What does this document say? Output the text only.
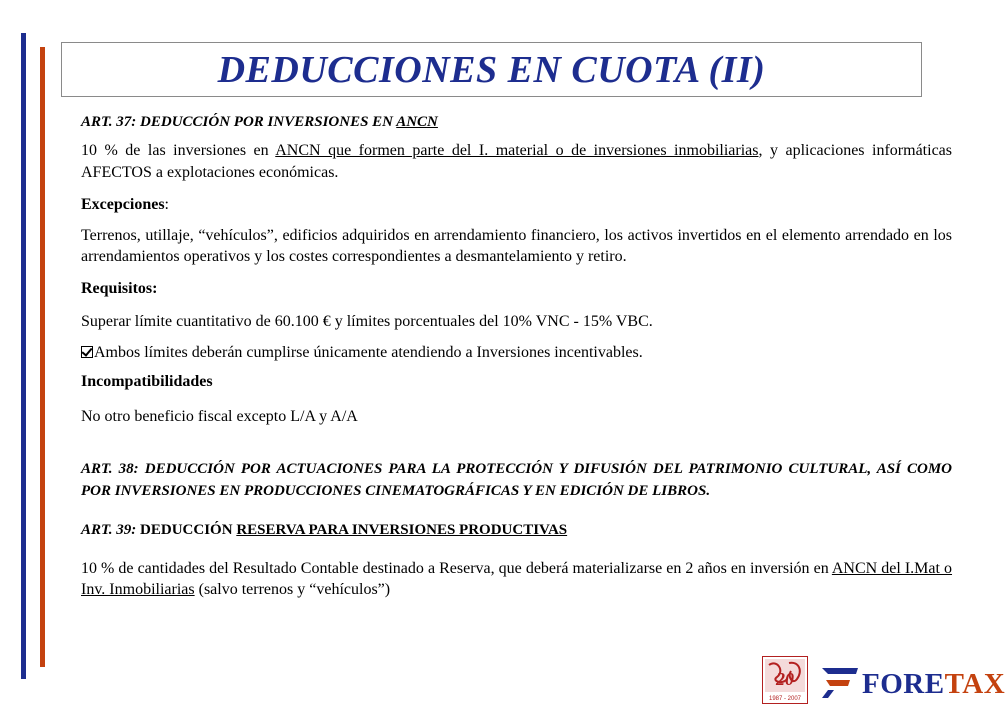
DEDUCCIONES EN CUOTA (II)

ART. 37: DEDUCCIÓN POR INVERSIONES EN ANCN

10 % de las inversiones en ANCN que formen parte del I. material o de inversiones inmobiliarias, y aplicaciones informáticas AFECTOS a explotaciones económicas.

Excepciones:

Terrenos, utillaje, “vehículos”, edificios adquiridos en arrendamiento financiero, los activos invertidos en el elemento arrendado en los arrendamientos operativos y los costes correspondientes a desmantelamiento y retiro.

Requisitos:

Superar límite cuantitativo de 60.100 € y límites porcentuales del 10% VNC - 15% VBC.

Ambos límites deberán cumplirse únicamente atendiendo a Inversiones incentivables.

Incompatibilidades

No otro beneficio fiscal excepto L/A y A/A

ART. 38: DEDUCCIÓN POR ACTUACIONES PARA LA PROTECCIÓN Y DIFUSIÓN DEL PATRIMONIO CULTURAL, ASÍ COMO POR INVERSIONES EN PRODUCCIONES CINEMATOGRÁFICAS Y EN EDICIÓN DE LIBROS.

ART. 39: DEDUCCIÓN RESERVA PARA INVERSIONES PRODUCTIVAS

10 % de cantidades del Resultado Contable destinado a Reserva, que deberá materializarse en 2 años en inversión en ANCN del I.Mat o Inv. Inmobiliarias (salvo terrenos y “vehículos”)

20
1987 - 2007 FORETAX
